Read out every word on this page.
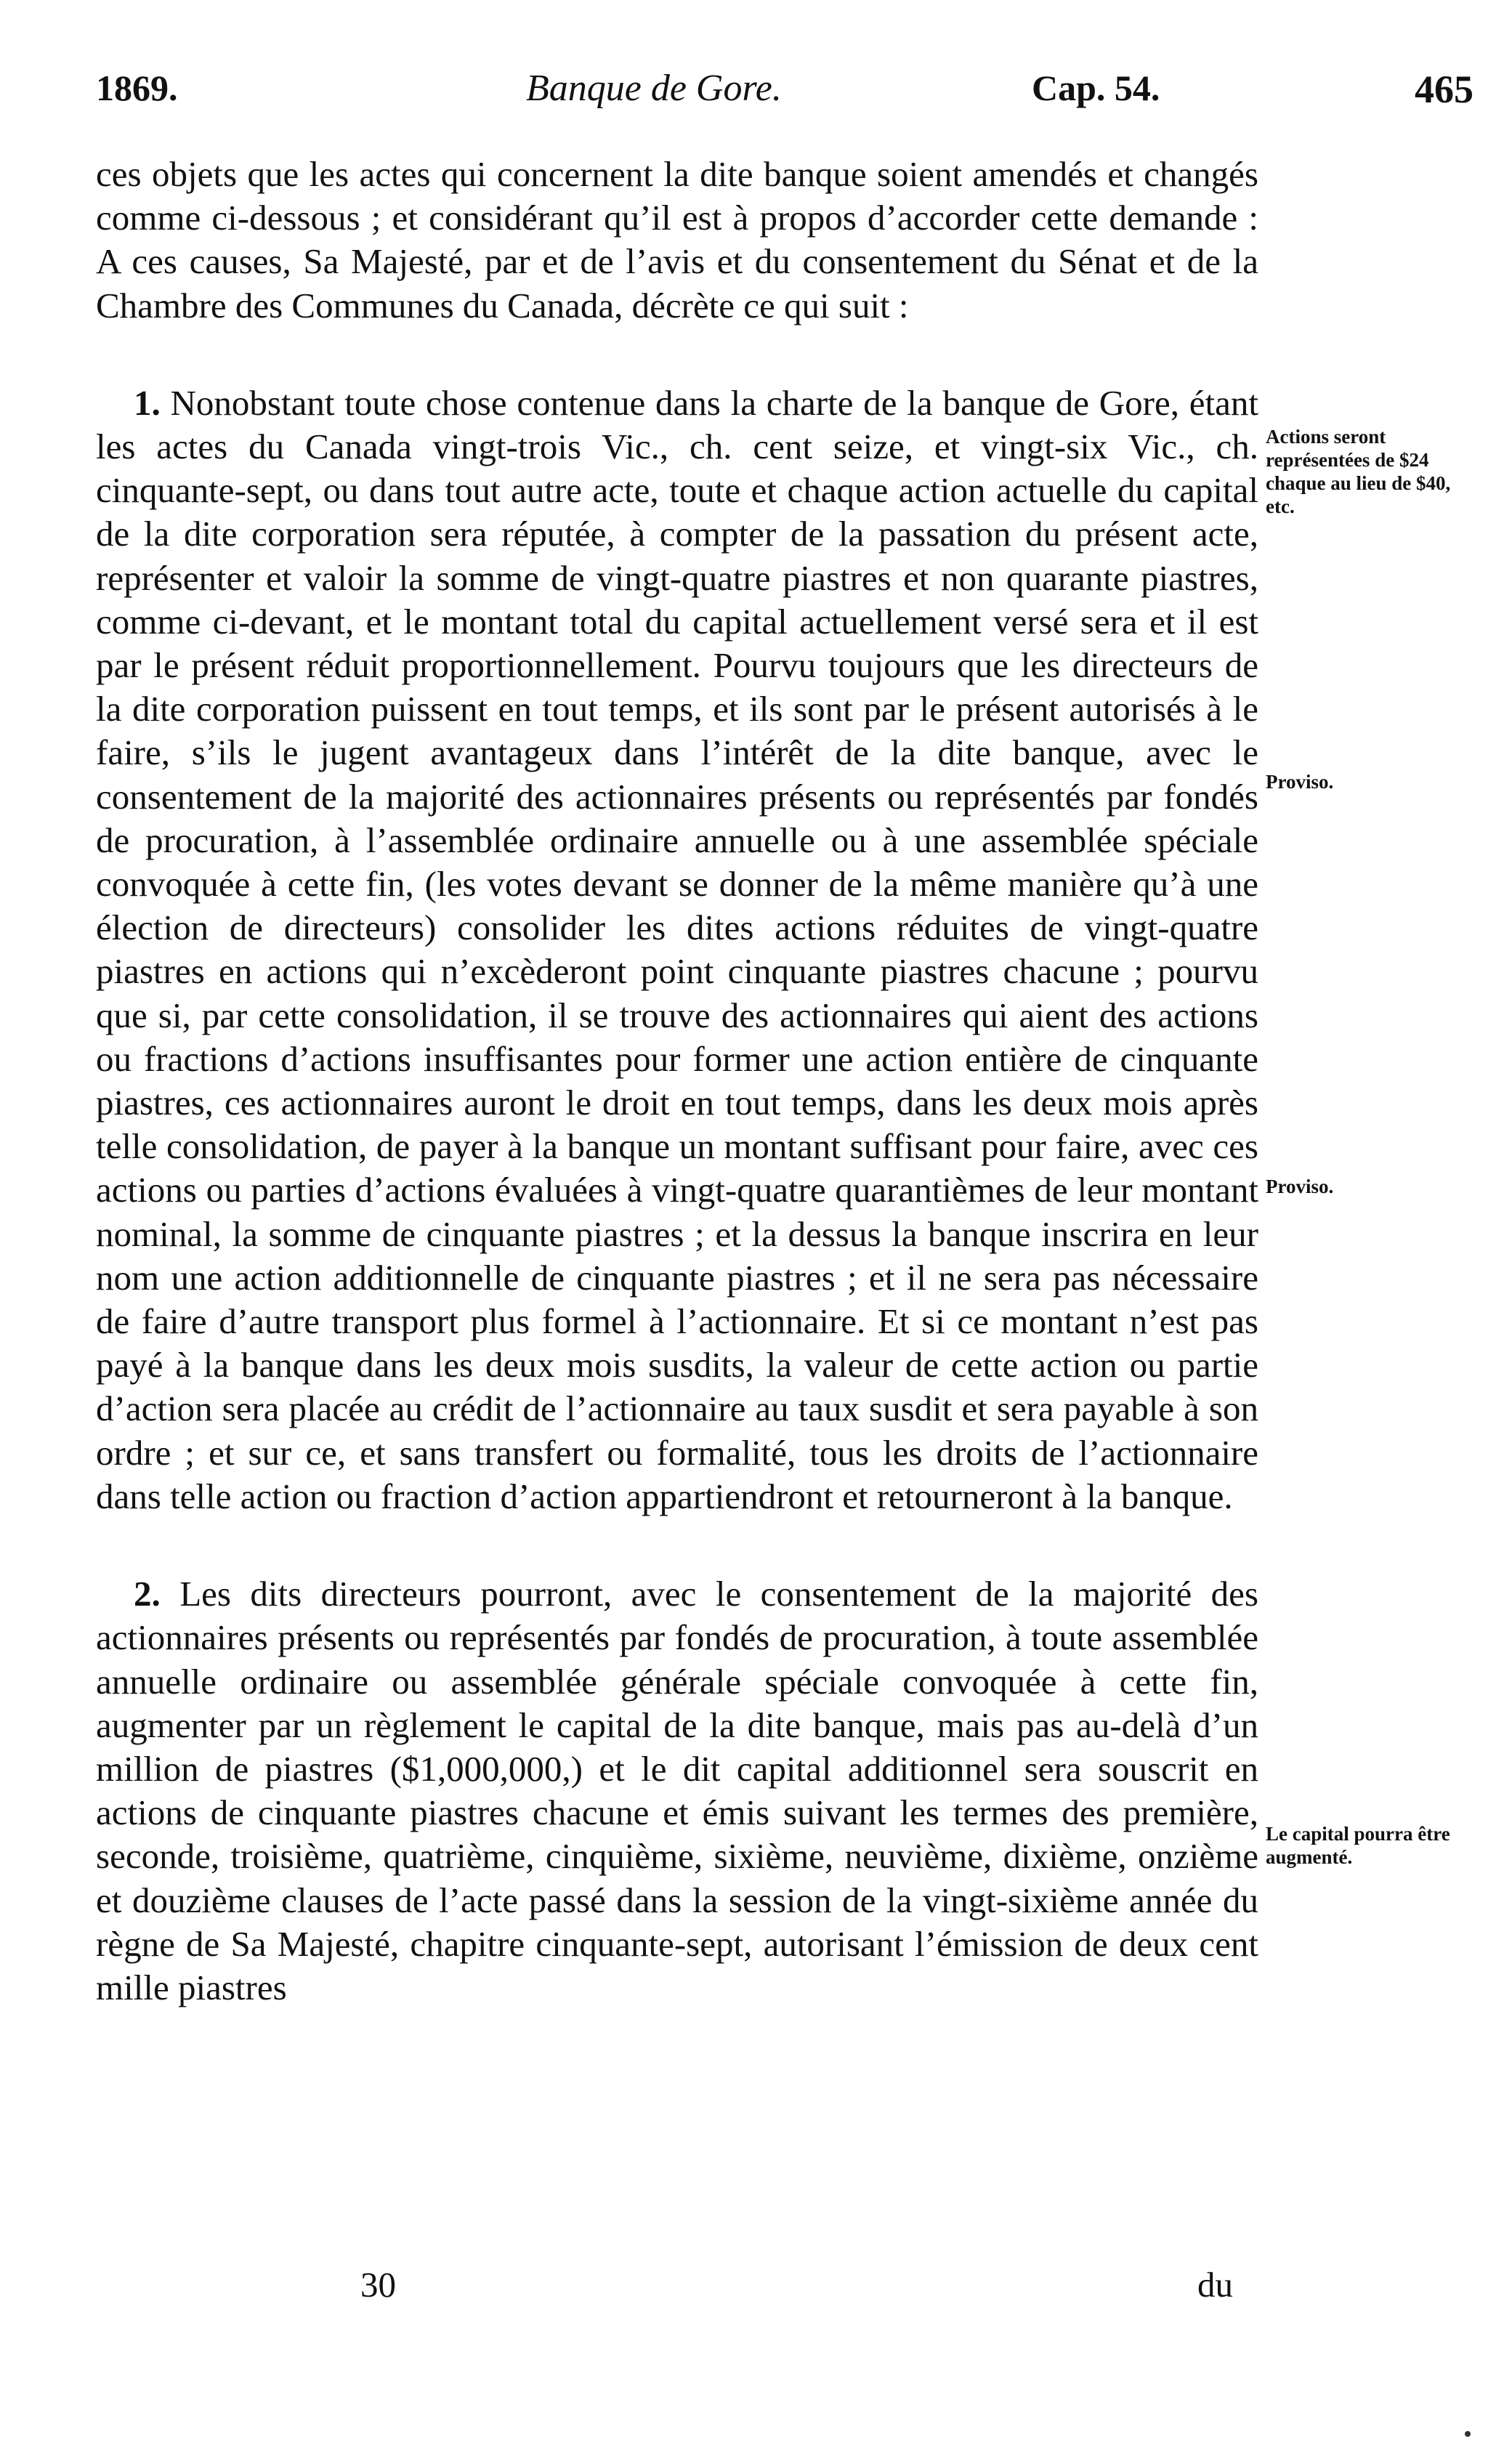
1869.	Banque de Gore.	Cap. 54.	465

ces objets que les actes qui concernent la dite banque soient amendés et changés comme ci-dessous ; et considérant qu’il est à propos d’accorder cette demande : A ces causes, Sa Majesté, par et de l’avis et du consentement du Sénat et de la Chambre des Communes du Canada, décrète ce qui suit :

1. Nonobstant toute chose contenue dans la charte de la banque de Gore, étant les actes du Canada vingt-trois Vic., ch. cent seize, et vingt-six Vic., ch. cinquante-sept, ou dans tout autre acte, toute et chaque action actuelle du capital de la dite corporation sera réputée, à compter de la passation du présent acte, représenter et valoir la somme de vingt-quatre piastres et non quarante piastres, comme ci-devant, et le montant total du capital actuellement versé sera et il est par le présent réduit proportionnellement. Pourvu toujours que les directeurs de la dite corporation puissent en tout temps, et ils sont par le présent autorisés à le faire, s’ils le jugent avantageux dans l’intérêt de la dite banque, avec le consentement de la majorité des actionnaires présents ou représentés par fondés de procuration, à l’assemblée ordinaire annuelle ou à une assemblée spéciale convoquée à cette fin, (les votes devant se donner de la même manière qu’à une élection de directeurs) consolider les dites actions réduites de vingt-quatre piastres en actions qui n’excèderont point cinquante piastres chacune ; pourvu que si, par cette consolidation, il se trouve des actionnaires qui aient des actions ou fractions d’actions insuffisantes pour former une action entière de cinquante piastres, ces actionnaires auront le droit en tout temps, dans les deux mois après telle consolidation, de payer à la banque un montant suffisant pour faire, avec ces actions ou parties d’actions évaluées à vingt-quatre quarantièmes de leur montant nominal, la somme de cinquante piastres ; et la dessus la banque inscrira en leur nom une action additionnelle de cinquante piastres ; et il ne sera pas nécessaire de faire d’autre transport plus formel à l’actionnaire. Et si ce montant n’est pas payé à la banque dans les deux mois susdits, la valeur de cette action ou partie d’action sera placée au crédit de l’actionnaire au taux susdit et sera payable à son ordre ; et sur ce, et sans transfert ou formalité, tous les droits de l’actionnaire dans telle action ou fraction d’action appartiendront et retourneront à la banque.

2. Les dits directeurs pourront, avec le consentement de la majorité des actionnaires présents ou représentés par fondés de procuration, à toute assemblée annuelle ordinaire ou assemblée générale spéciale convoquée à cette fin, augmenter par un règlement le capital de la dite banque, mais pas au-delà d’un million de piastres ($1,000,000,) et le dit capital additionnel sera souscrit en actions de cinquante piastres chacune et émis suivant les termes des première, seconde, troisième, quatrième, cinquième, sixième, neuvième, dixième, onzième et douzième clauses de l’acte passé dans la session de la vingt-sixième année du règne de Sa Majesté, chapitre cinquante-sept, autorisant l’émission de deux cent mille piastres

Actions seront représentées de $24 chaque au lieu de $40, etc.
Proviso.
Proviso.
Le capital pourra être augmenté.
30	du
